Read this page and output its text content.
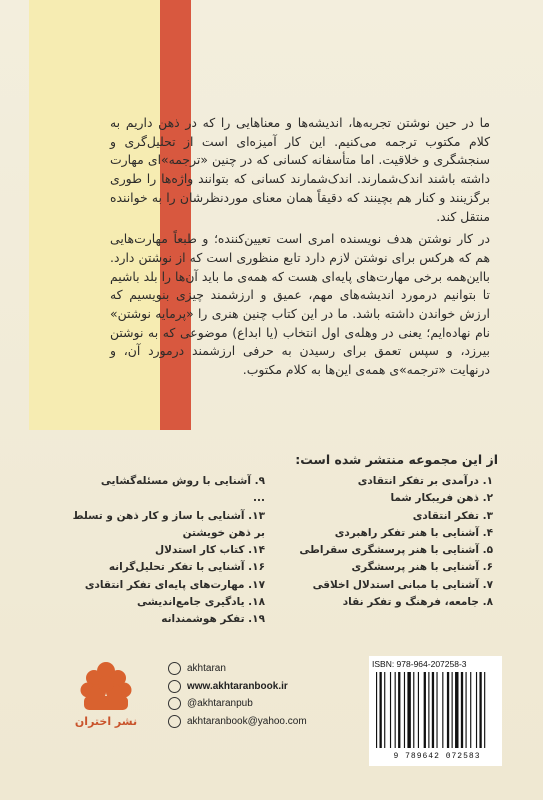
ما در حین نوشتن تجربه‌ها، اندیشه‌ها و معناهایی را که در ذهن داریم به کلام مکتوب ترجمه می‌کنیم. این کار آمیزه‌ای است از تحلیل‌گری و سنجشگری و خلاقیت. اما متأسفانه کسانی که در چنین «ترجمه»ای مهارت داشته باشند اندک‌شمارند. اندک‌شمارند کسانی که بتوانند واژه‌ها را طوری برگزینند و کنار هم بچینند که دقیقاً همان معنای موردنظرشان را به خواننده منتقل کند.

در کار نوشتن هدف نویسنده امری است تعیین‌کننده؛ و طبعاً مهارت‌هایی هم که هرکس برای نوشتن لازم دارد تابع منظوری است که از نوشتن دارد. بااین‌همه برخی مهارت‌های پایه‌ای هست که همه‌ی ما باید آن‌ها را بلد باشیم تا بتوانیم درمورد اندیشه‌های مهم، عمیق و ارزشمند چیزی بنویسیم که ارزش خواندن داشته باشد. ما در این کتاب چنین هنری را «پرمایه نوشتن» نام نهاده‌ایم؛ یعنی در وهله‌ی اول انتخاب (یا ابداع) موضوعی که به نوشتن بیرزد، و سپس تعمق برای رسیدن به حرفی ارزشمند درمورد آن، و درنهایت «ترجمه»ی همه‌ی این‌ها به کلام مکتوب.

از این مجموعه منتشر شده است:
۱. درآمدی بر تفکر انتقادی
۲. ذهن فریبکار شما
۳. تفکر انتقادی
۴. آشنایی با هنر تفکر راهبردی
۵. آشنایی با هنر پرسشگری سقراطی
۶. آشنایی با هنر پرسشگری
۷. آشنایی با مبانی استدلال اخلاقی
۸. جامعه، فرهنگ و تفکر نقاد
۹. آشنایی با روش مسئله‌گشایی
...
۱۳. آشنایی با ساز و کار ذهن و تسلط
بر ذهن خویشتن
۱۴. کتاب کار استدلال
۱۶. آشنایی با تفکر تحلیل‌گرانه
۱۷. مهارت‌های پایه‌ای تفکر انتقادی
۱۸. یادگیری جامع‌اندیشی
۱۹. تفکر هوشمندانه
نشر اختران
akhtaran
www.akhtaranbook.ir
@akhtaranpub
akhtaranbook@yahoo.com
ISBN: 978-964-207258-3
9 789642 072583
